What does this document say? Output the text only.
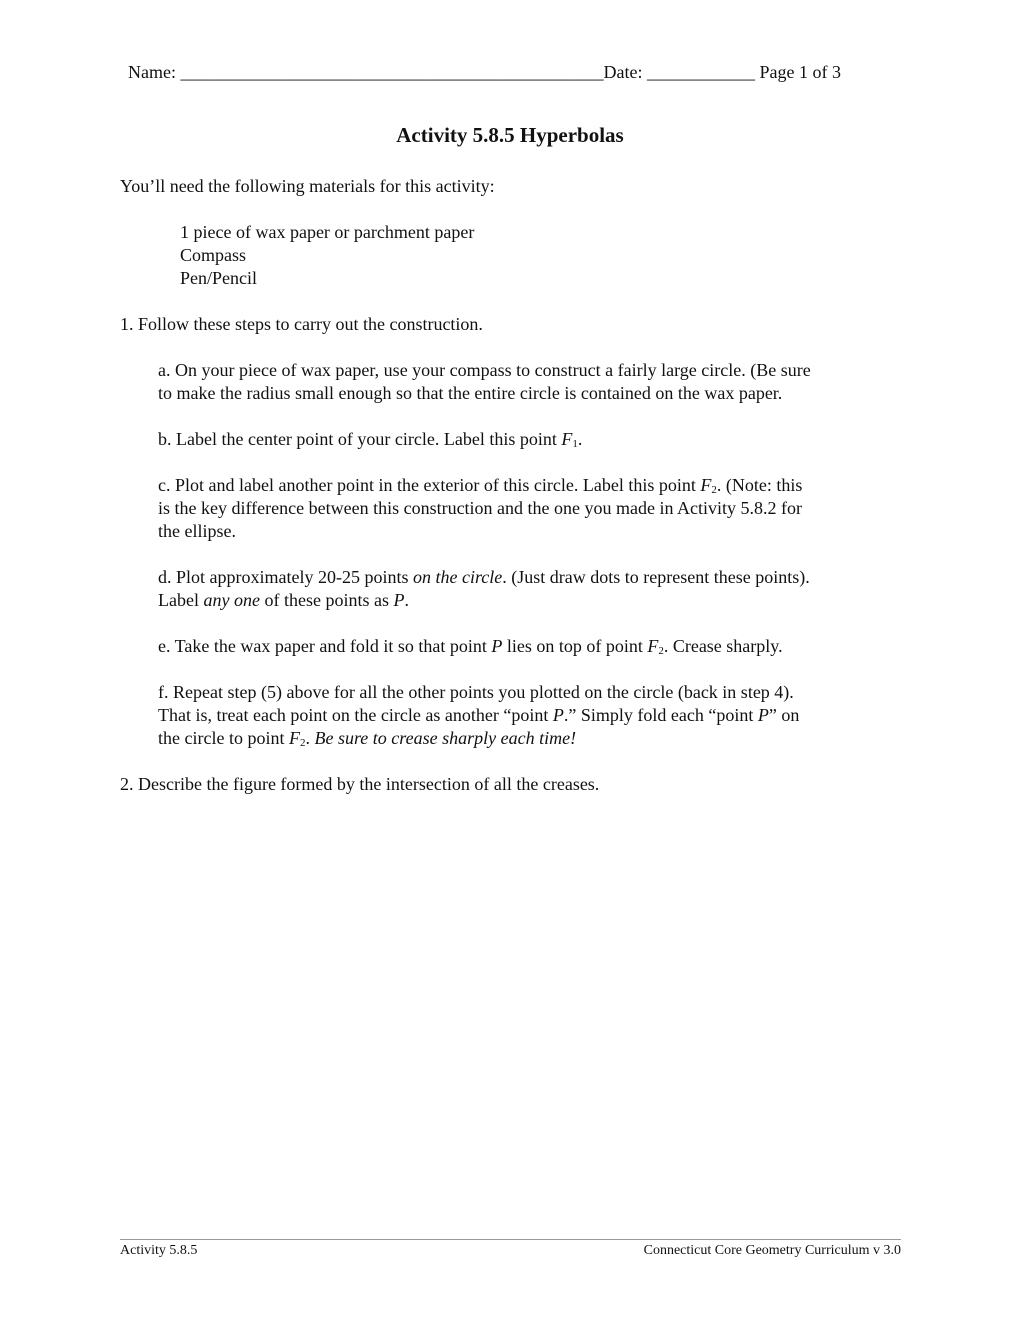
Name: _______________________________________________Date: ____________ Page 1 of 3
Activity 5.8.5 Hyperbolas
You’ll need the following materials for this activity:
1 piece of wax paper or parchment paper
Compass
Pen/Pencil
1. Follow these steps to carry out the construction.
a. On your piece of wax paper, use your compass to construct a fairly large circle. (Be sure
to make the radius small enough so that the entire circle is contained on the wax paper.
b. Label the center point of your circle. Label this point F1.
c. Plot and label another point in the exterior of this circle. Label this point F2. (Note: this
is the key difference between this construction and the one you made in Activity 5.8.2 for
the ellipse.
d. Plot approximately 20-25 points on the circle. (Just draw dots to represent these points).
Label any one of these points as P.
e. Take the wax paper and fold it so that point P lies on top of point F2. Crease sharply.
f. Repeat step (5) above for all the other points you plotted on the circle (back in step 4).
That is, treat each point on the circle as another “point P.” Simply fold each “point P” on
the circle to point F2. Be sure to crease sharply each time!
2. Describe the figure formed by the intersection of all the creases.
Activity 5.8.5	Connecticut Core Geometry Curriculum v 3.0
